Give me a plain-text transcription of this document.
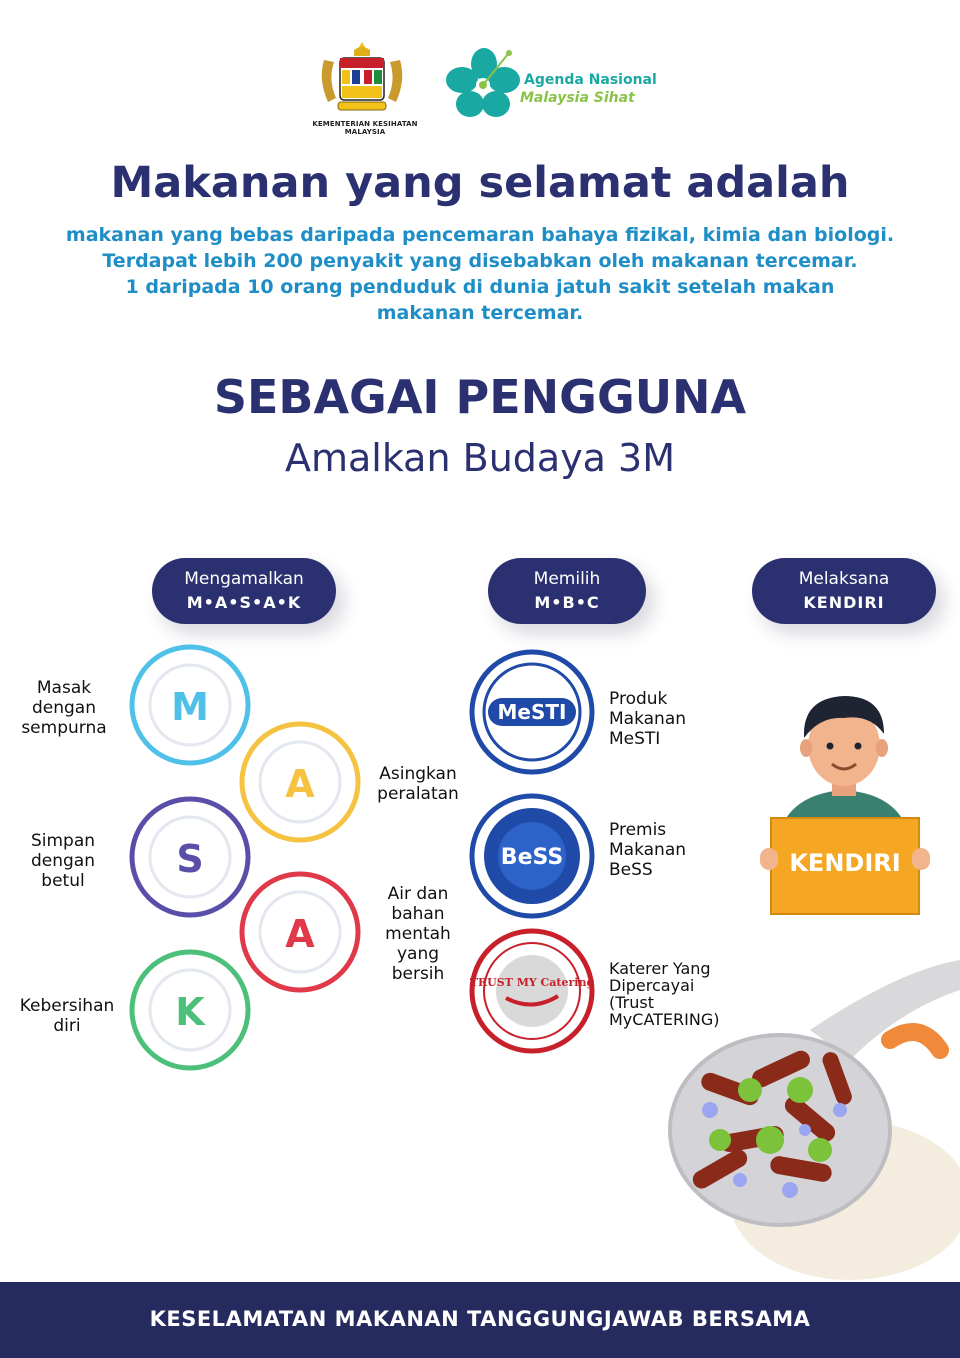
KEMENTERIAN KESIHATAN MALAYSIA
Agenda Nasional
Malaysia Sihat
Makanan yang selamat adalah
makanan yang bebas daripada pencemaran bahaya fizikal, kimia dan biologi.
Terdapat lebih 200 penyakit yang disebabkan oleh makanan tercemar.
1 daripada 10 orang penduduk di dunia jatuh sakit setelah makan
makanan tercemar.
SEBAGAI PENGGUNA
Amalkan Budaya 3M
Mengamalkan
M•A•S•A•K
Memilih
M•B•C
Melaksana
KENDIRI
M
A
S
A
K
Masak
dengan
sempurna
Asingkan
peralatan
Simpan
dengan
betul
Air dan
bahan
mentah
yang
bersih
Kebersihan
diri
MeSTI
BeSS
TRUST MY Catering
Produk
Makanan
MeSTI
Premis
Makanan
BeSS
Katerer Yang
Dipercayai
(Trust
MyCATERING)
KENDIRI
KESELAMATAN MAKANAN TANGGUNGJAWAB BERSAMA
